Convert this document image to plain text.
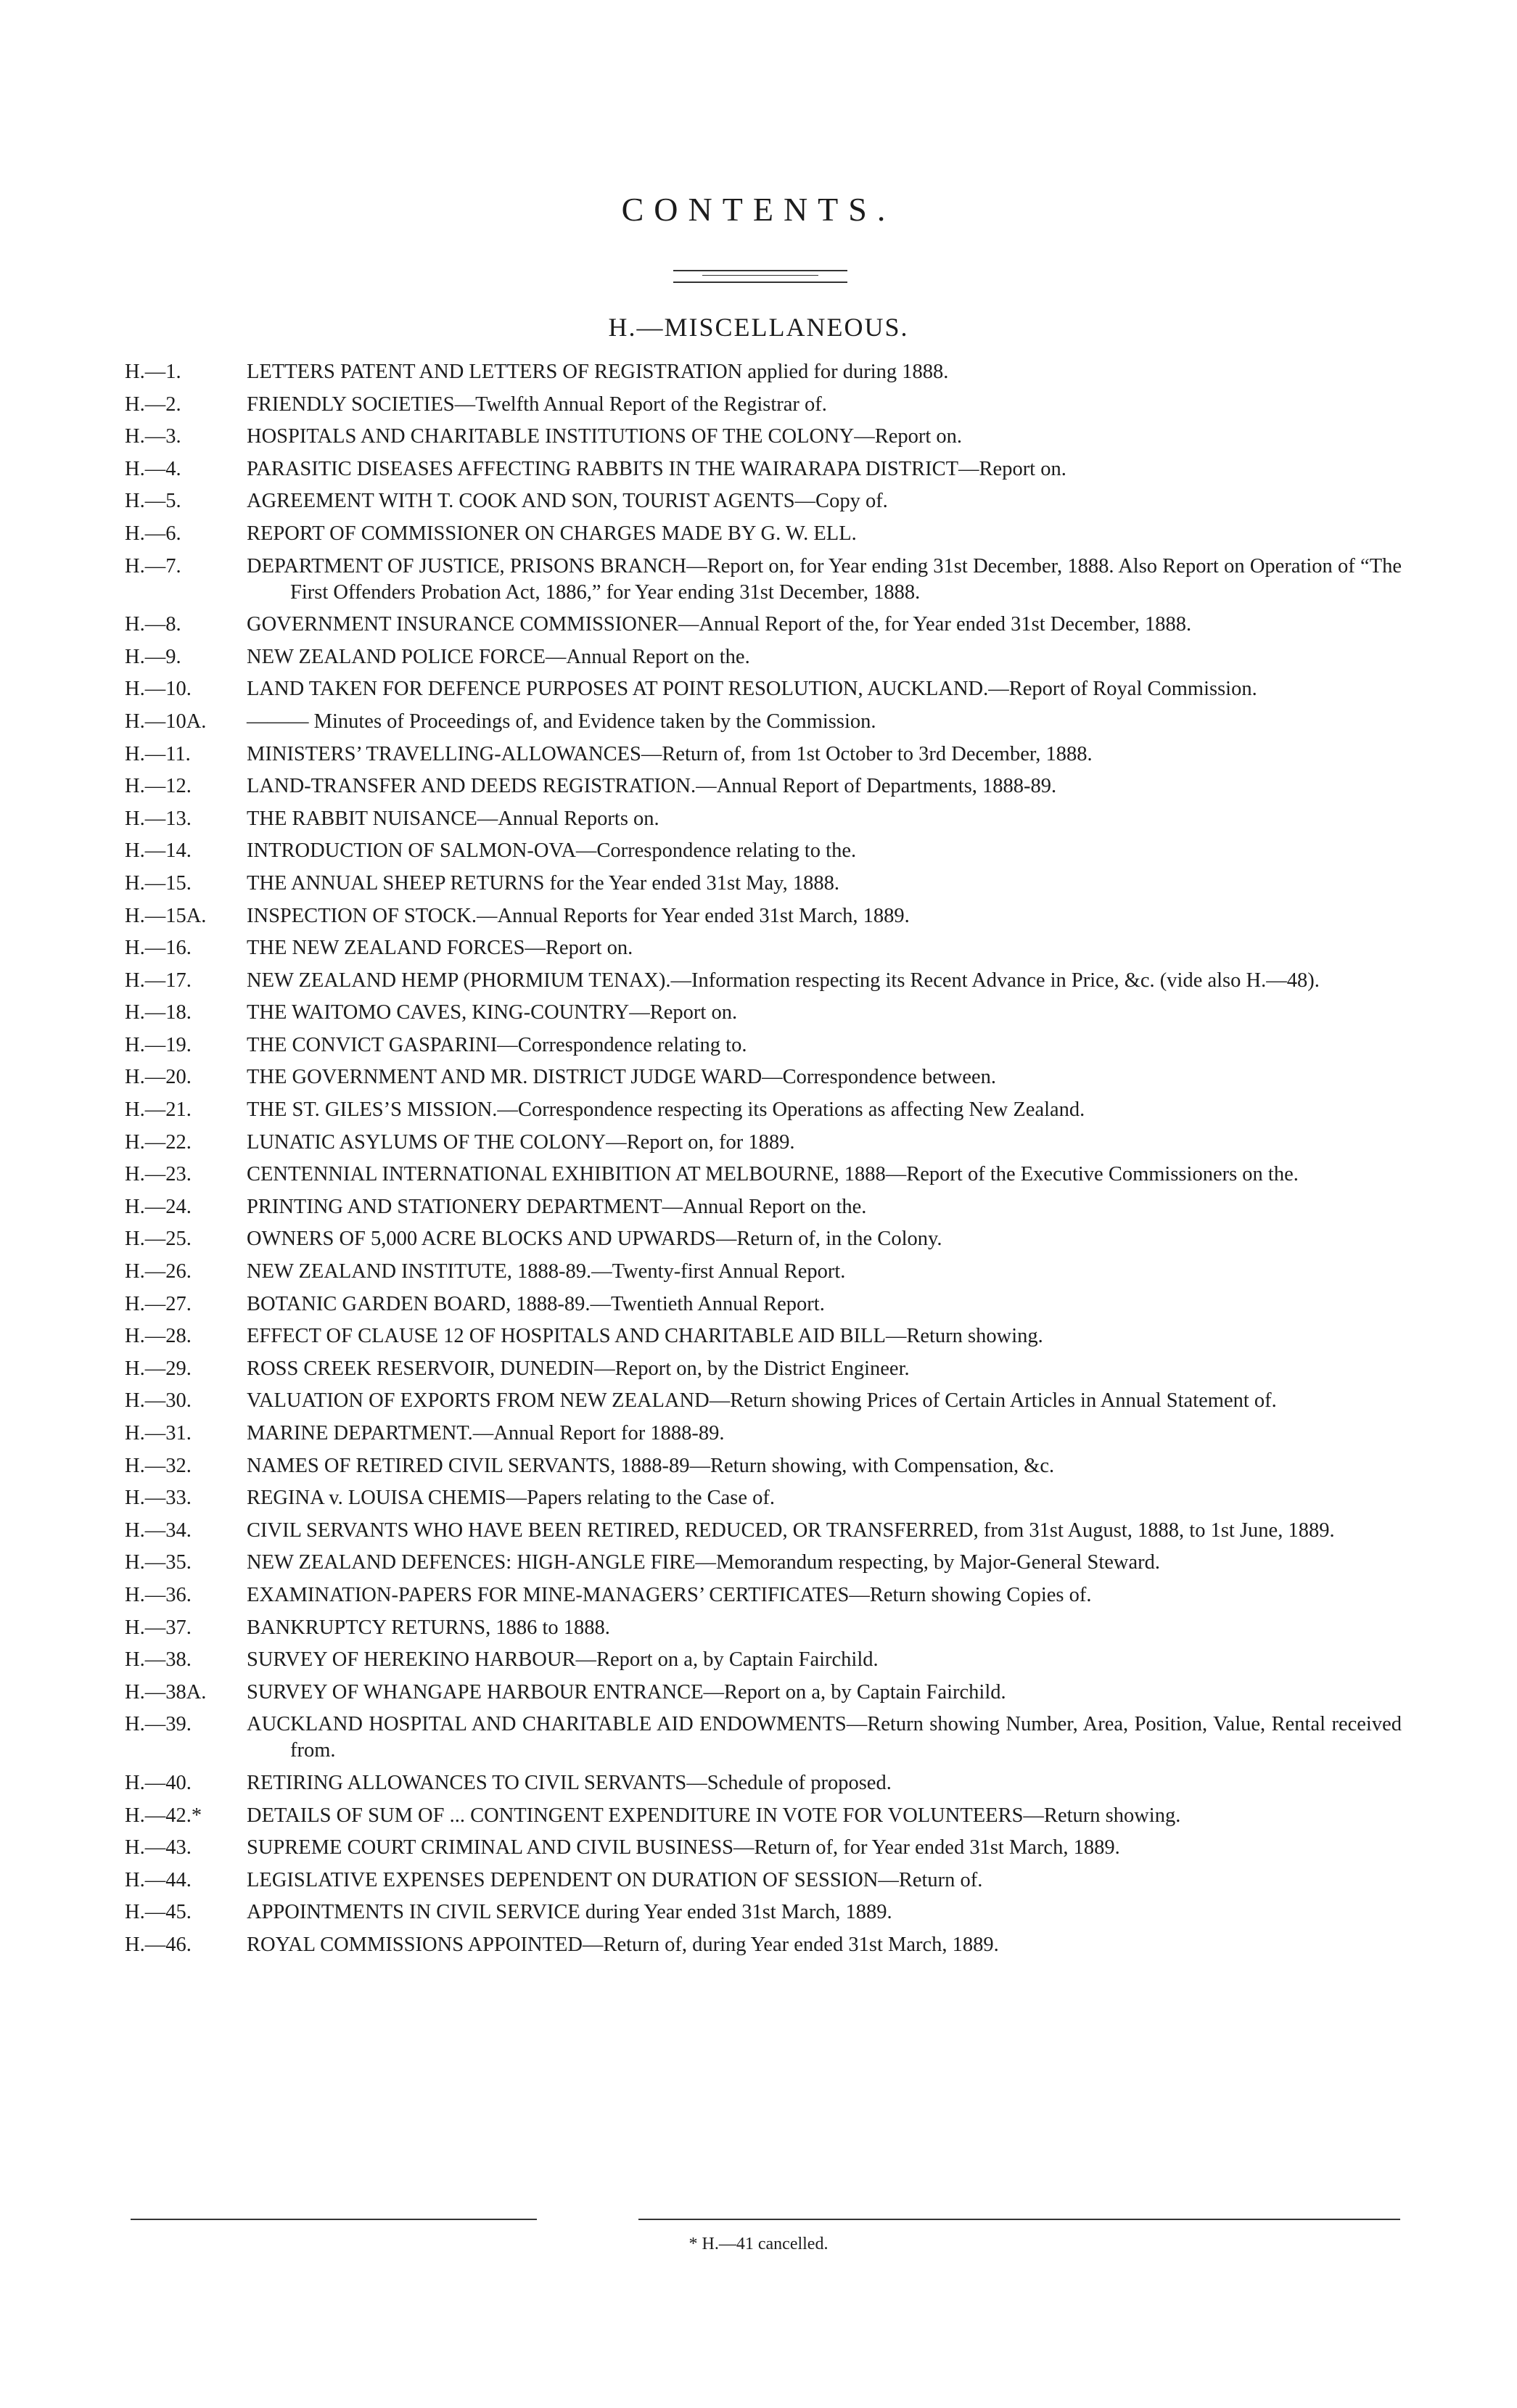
CONTENTS.
H.—MISCELLANEOUS.
H.—1.	LETTERS PATENT AND LETTERS OF REGISTRATION applied for during 1888.
H.—2.	FRIENDLY SOCIETIES—Twelfth Annual Report of the Registrar of.
H.—3.	HOSPITALS AND CHARITABLE INSTITUTIONS OF THE COLONY—Report on.
H.—4.	PARASITIC DISEASES AFFECTING RABBITS IN THE WAIRARAPA DISTRICT—Report on.
H.—5.	AGREEMENT WITH T. COOK AND SON, TOURIST AGENTS—Copy of.
H.—6.	REPORT OF COMMISSIONER ON CHARGES MADE BY G. W. ELL.
H.—7.	DEPARTMENT OF JUSTICE, PRISONS BRANCH—Report on, for Year ending 31st December, 1888. Also Report on Operation of “The First Offenders Probation Act, 1886,” for Year ending 31st December, 1888.
H.—8.	GOVERNMENT INSURANCE COMMISSIONER—Annual Report of the, for Year ended 31st December, 1888.
H.—9.	NEW ZEALAND POLICE FORCE—Annual Report on the.
H.—10.	LAND TAKEN FOR DEFENCE PURPOSES AT POINT RESOLUTION, AUCKLAND.—Report of Royal Commission.
H.—10A.	——— Minutes of Proceedings of, and Evidence taken by the Commission.
H.—11.	MINISTERS’ TRAVELLING-ALLOWANCES—Return of, from 1st October to 3rd December, 1888.
H.—12.	LAND-TRANSFER AND DEEDS REGISTRATION.—Annual Report of Departments, 1888-89.
H.—13.	THE RABBIT NUISANCE—Annual Reports on.
H.—14.	INTRODUCTION OF SALMON-OVA—Correspondence relating to the.
H.—15.	THE ANNUAL SHEEP RETURNS for the Year ended 31st May, 1888.
H.—15A.	INSPECTION OF STOCK.—Annual Reports for Year ended 31st March, 1889.
H.—16.	THE NEW ZEALAND FORCES—Report on.
H.—17.	NEW ZEALAND HEMP (PHORMIUM TENAX).—Information respecting its Recent Advance in Price, &c. (vide also H.—48).
H.—18.	THE WAITOMO CAVES, KING-COUNTRY—Report on.
H.—19.	THE CONVICT GASPARINI—Correspondence relating to.
H.—20.	THE GOVERNMENT AND MR. DISTRICT JUDGE WARD—Correspondence between.
H.—21.	THE ST. GILES’S MISSION.—Correspondence respecting its Operations as affecting New Zealand.
H.—22.	LUNATIC ASYLUMS OF THE COLONY—Report on, for 1889.
H.—23.	CENTENNIAL INTERNATIONAL EXHIBITION AT MELBOURNE, 1888—Report of the Executive Commissioners on the.
H.—24.	PRINTING AND STATIONERY DEPARTMENT—Annual Report on the.
H.—25.	OWNERS OF 5,000 ACRE BLOCKS AND UPWARDS—Return of, in the Colony.
H.—26.	NEW ZEALAND INSTITUTE, 1888-89.—Twenty-first Annual Report.
H.—27.	BOTANIC GARDEN BOARD, 1888-89.—Twentieth Annual Report.
H.—28.	EFFECT OF CLAUSE 12 OF HOSPITALS AND CHARITABLE AID BILL—Return showing.
H.—29.	ROSS CREEK RESERVOIR, DUNEDIN—Report on, by the District Engineer.
H.—30.	VALUATION OF EXPORTS FROM NEW ZEALAND—Return showing Prices of Certain Articles in Annual Statement of.
H.—31.	MARINE DEPARTMENT.—Annual Report for 1888-89.
H.—32.	NAMES OF RETIRED CIVIL SERVANTS, 1888-89—Return showing, with Compensation, &c.
H.—33.	REGINA v. LOUISA CHEMIS—Papers relating to the Case of.
H.—34.	CIVIL SERVANTS WHO HAVE BEEN RETIRED, REDUCED, OR TRANSFERRED, from 31st August, 1888, to 1st June, 1889.
H.—35.	NEW ZEALAND DEFENCES: HIGH-ANGLE FIRE—Memorandum respecting, by Major-General Steward.
H.—36.	EXAMINATION-PAPERS FOR MINE-MANAGERS’ CERTIFICATES—Return showing Copies of.
H.—37.	BANKRUPTCY RETURNS, 1886 to 1888.
H.—38.	SURVEY OF HEREKINO HARBOUR—Report on a, by Captain Fairchild.
H.—38A.	SURVEY OF WHANGAPE HARBOUR ENTRANCE—Report on a, by Captain Fairchild.
H.—39.	AUCKLAND HOSPITAL AND CHARITABLE AID ENDOWMENTS—Return showing Number, Area, Position, Value, Rental received from.
H.—40.	RETIRING ALLOWANCES TO CIVIL SERVANTS—Schedule of proposed.
H.—42.*	DETAILS OF SUM OF ... CONTINGENT EXPENDITURE IN VOTE FOR VOLUNTEERS—Return showing.
H.—43.	SUPREME COURT CRIMINAL AND CIVIL BUSINESS—Return of, for Year ended 31st March, 1889.
H.—44.	LEGISLATIVE EXPENSES DEPENDENT ON DURATION OF SESSION—Return of.
H.—45.	APPOINTMENTS IN CIVIL SERVICE during Year ended 31st March, 1889.
H.—46.	ROYAL COMMISSIONS APPOINTED—Return of, during Year ended 31st March, 1889.
* H.—41 cancelled.
